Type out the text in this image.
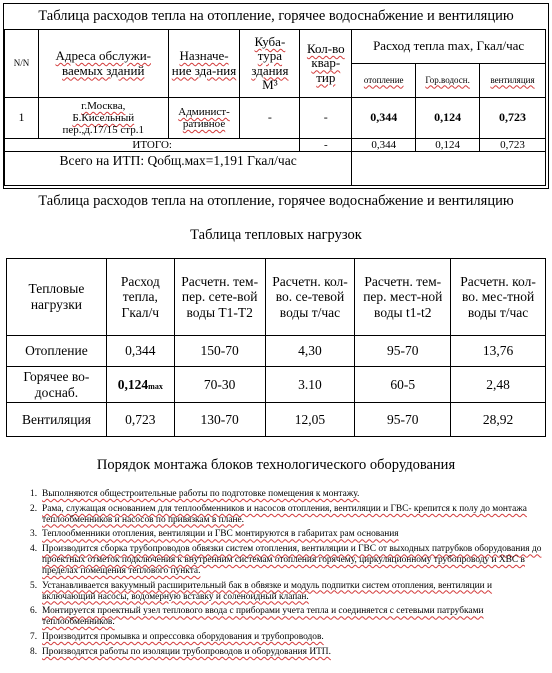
Таблица расходов тепла на отопление, горячее водоснабжение и вентиляцию
N/N	Адреса обслужи-ваемых зданий	Назначе-ние зда-ния	Куба-тура здания
М³	Кол-во квар-тир	Расход тепла max, Гкал/час		
					отопление	Гор.водосн.	вентиляция
1	г.Москва,
Б.Кисельный
пер.,д.17/15 стр.1	Админист-ративное	-	-	0,344	0,124	0,723
ИТОГО:				-	0,344	0,124	0,723
Всего на ИТП: Qобщ.мах=1,191 Гкал/час							
Таблица расходов тепла на отопление, горячее водоснабжение и вентиляцию
Таблица тепловых нагрузок
Тепловые нагрузки	Расход тепла, Гкал/ч	Расчетн. тем-пер. сете-вой воды Т1-Т2	Расчетн. кол-во. се-тевой воды т/час	Расчетн. тем-пер. мест-ной воды t1-t2	Расчетн. кол-во. мес-тной воды т/час
Отопление	0,344	150-70	4,30	95-70	13,76
Горячее во-доснаб.	0,124max	70-30	3.10	60-5	2,48
Вентиляция	0,723	130-70	12,05	95-70	28,92
Порядок монтажа блоков технологического оборудования
1. Выполняются общестроительные работы по подготовке помещения к монтажу.
2. Рама, служащая основанием для теплообменников и насосов отопления, вентиляции и ГВС- крепится к полу до монтажа теплообменников и насосов по привязкам в плане.
3. Теплообменники отопления, вентиляции и ГВС монтируются в габаритах рам основания
4. Производится сборка трубопроводов обвязки систем отопления, вентиляции и ГВС от выходных патрубков оборудования до проектных отметок подключения к внутренним системам отопления горячему, циркуляционному трубопроводу и ХВС в пределах помещения теплового пункта.
5. Устанавливается вакуумный расширительный бак в обвязке и модуль подпитки систем отопления, вентиляции и включающий насосы, водомерную вставку и соленоидный клапан.
6. Монтируется проектный узел теплового ввода с приборами учета тепла и соединяется с сетевыми патрубками теплообменников.
7. Производится промывка и опрессовка оборудования и трубопроводов.
8. Производятся работы по изоляции трубопроводов и оборудования ИТП.
